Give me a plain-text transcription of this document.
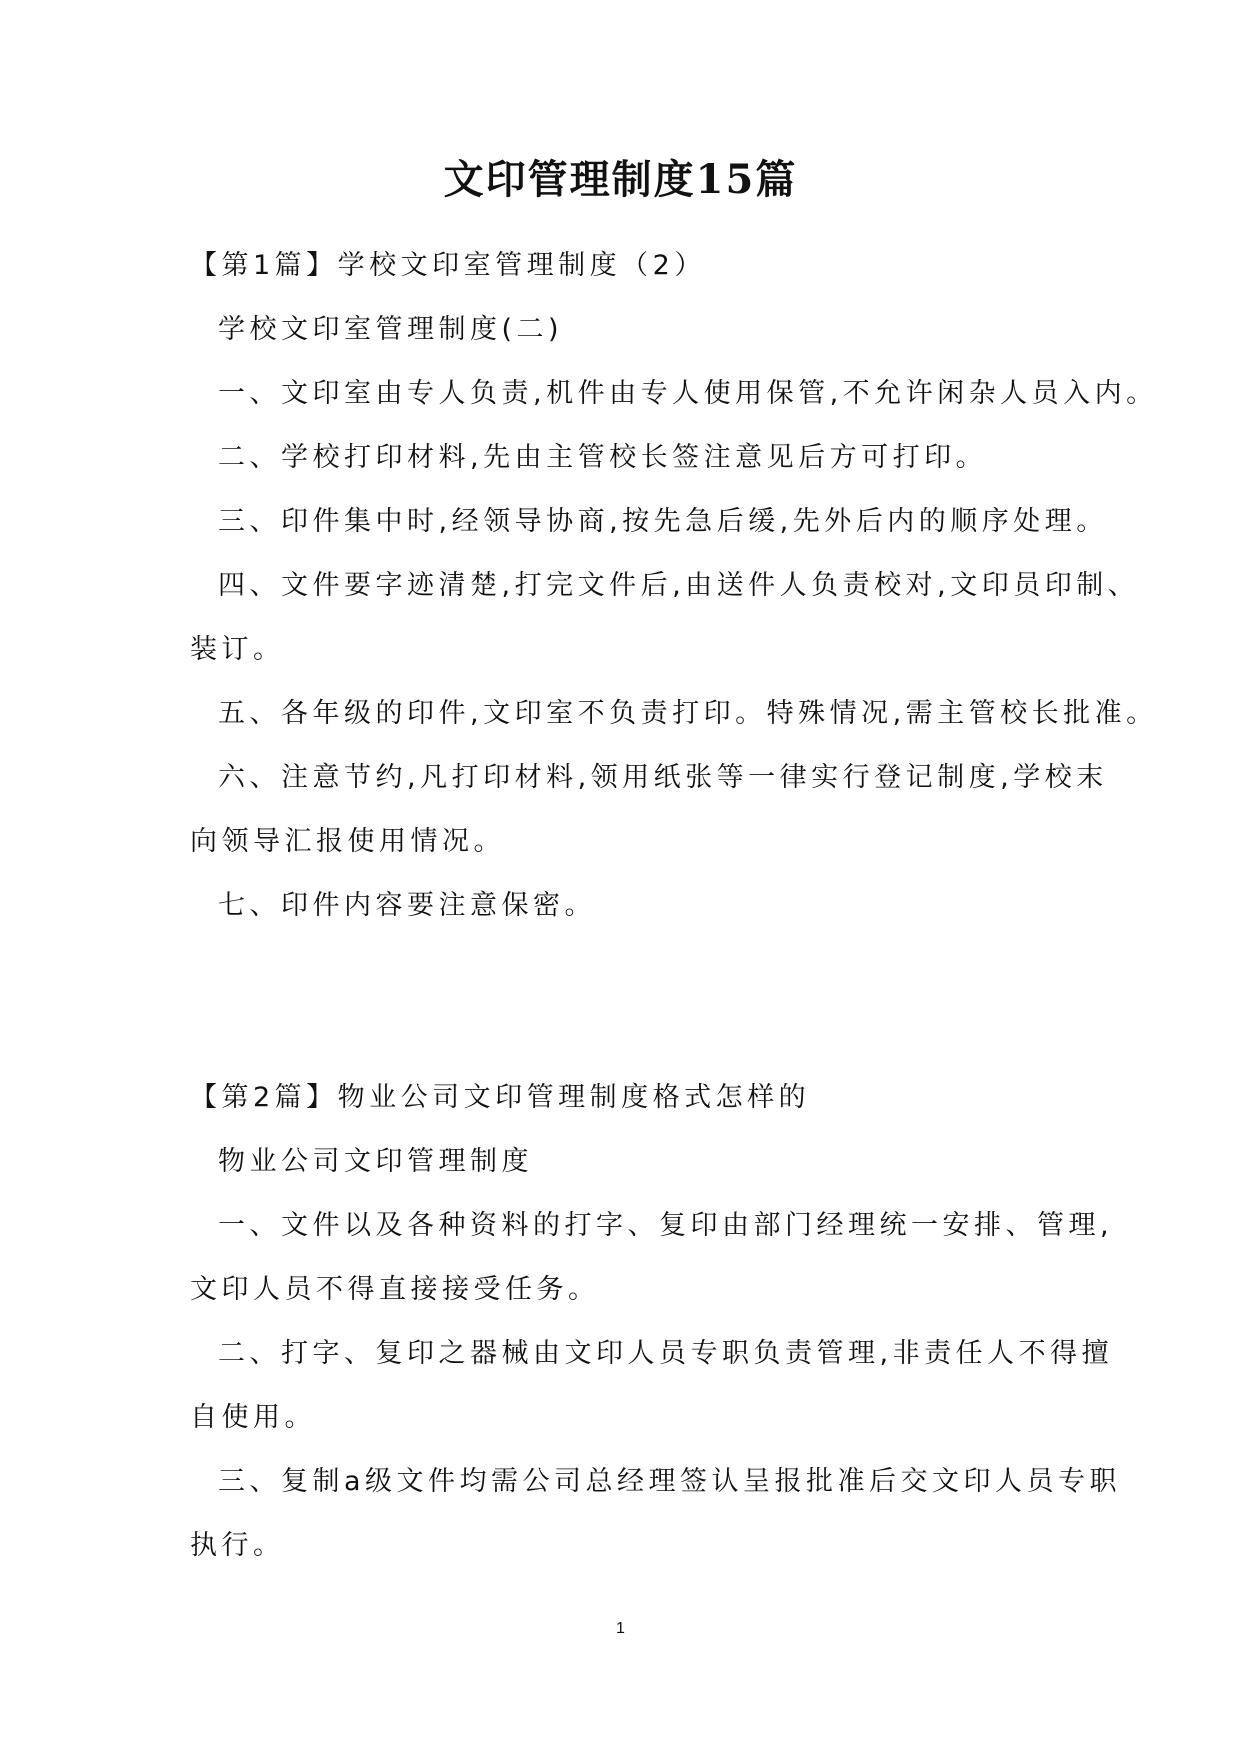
文印管理制度15篇
【第1篇】学校文印室管理制度（2）
学校文印室管理制度(二)
一、文印室由专人负责,机件由专人使用保管,不允许闲杂人员入内。
二、学校打印材料,先由主管校长签注意见后方可打印。
三、印件集中时,经领导协商,按先急后缓,先外后内的顺序处理。
四、文件要字迹清楚,打完文件后,由送件人负责校对,文印员印制、
装订。
五、各年级的印件,文印室不负责打印。特殊情况,需主管校长批准。
六、注意节约,凡打印材料,领用纸张等一律实行登记制度,学校末
向领导汇报使用情况。
七、印件内容要注意保密。
【第2篇】物业公司文印管理制度格式怎样的
物业公司文印管理制度
一、文件以及各种资料的打字、复印由部门经理统一安排、管理,
文印人员不得直接接受任务。
二、打字、复印之器械由文印人员专职负责管理,非责任人不得擅
自使用。
三、复制a级文件均需公司总经理签认呈报批准后交文印人员专职
执行。
1
